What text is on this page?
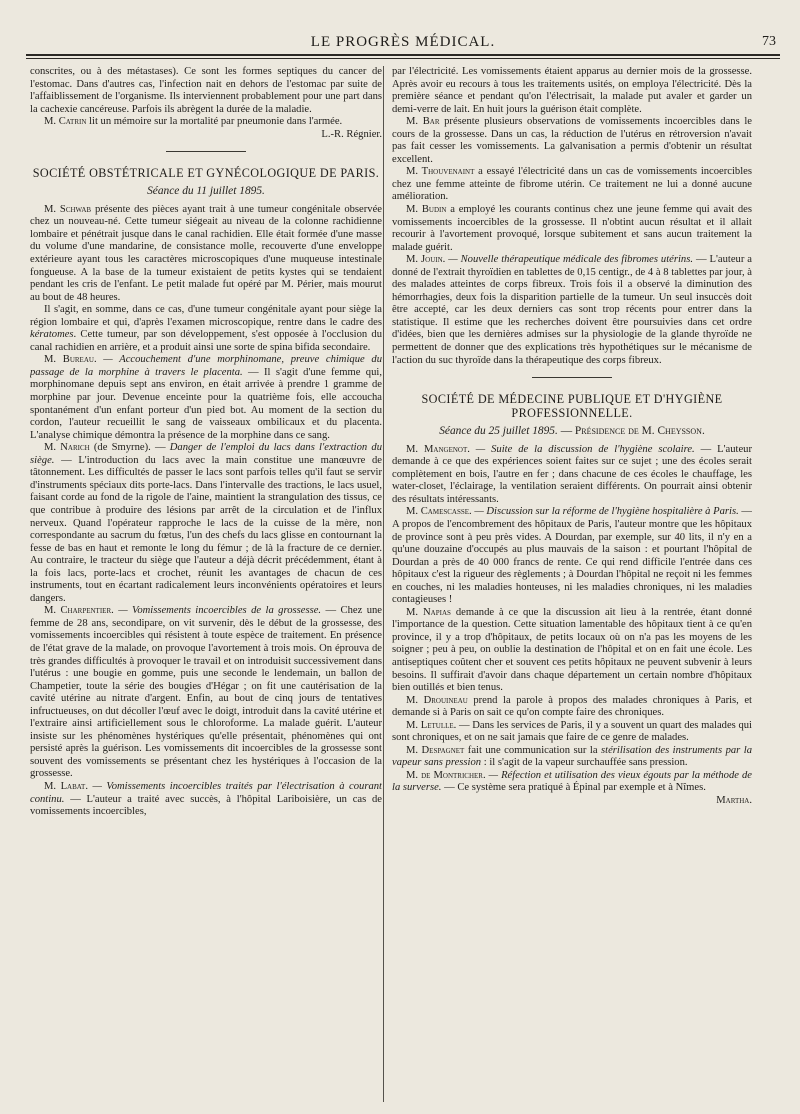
LE PROGRÈS MÉDICAL.	73

conscrites, ou à des métastases). Ce sont les formes septiques du cancer de l'estomac. Dans d'autres cas, l'infection nait en dehors de l'estomac par suite de l'affaiblissement de l'organisme. Ils interviennent probablement pour une part dans la cachexie cancéreuse. Parfois ils abrègent la durée de la maladie.

M. Catrin lit un mémoire sur la mortalité par pneumonie dans l'armée.
L.-R. Régnier.

SOCIÉTÉ OBSTÉTRICALE ET GYNÉCOLOGIQUE DE PARIS.
Séance du 11 juillet 1895.

M. Schwab présente des pièces ayant trait à une tumeur congénitale observée chez un nouveau-né. Cette tumeur siégeait au niveau de la colonne rachidienne lombaire et pénétrait jusque dans le canal rachidien. Elle était formée d'une masse du volume d'une mandarine, de consistance molle, recouverte d'une enveloppe extérieure ayant tous les caractères microscopiques d'une muqueuse intestinale fongueuse. A la base de la tumeur existaient de petits kystes qui se tendaient pendant les cris de l'enfant. Le petit malade fut opéré par M. Périer, mais mourut au bout de 48 heures.

Il s'agit, en somme, dans ce cas, d'une tumeur congénitale ayant pour siège la région lombaire et qui, d'après l'examen microscopique, rentre dans le cadre des kératomes. Cette tumeur, par son développement, s'est opposée à l'occlusion du canal rachidien en arrière, et a produit ainsi une sorte de spina bifida secondaire.

M. Bureau. — Accouchement d'une morphinomane, preuve chimique du passage de la morphine à travers le placenta. — Il s'agit d'une femme qui, morphinomane depuis sept ans environ, en était arrivée à prendre 1 gramme de morphine par jour. Devenue enceinte pour la quatrième fois, elle accoucha spontanément d'un enfant porteur d'un pied bot. Au moment de la section du cordon, l'auteur recueillit le sang de vaisseaux ombilicaux et du placenta. L'analyse chimique démontra la présence de la morphine dans ce sang.

M. Narich (de Smyrne). — Danger de l'emploi du lacs dans l'extraction du siège. — L'introduction du lacs avec la main constitue une manœuvre de tâtonnement. Les difficultés de passer le lacs sont parfois telles qu'il faut se servir d'instruments spéciaux dits porte-lacs. Dans l'intervalle des tractions, le lacs usuel, faisant corde au fond de la rigole de l'aine, maintient la strangulation des tissus, ce que contribue à produire des lésions par arrêt de la circulation et de l'influx nerveux. Quand l'opérateur rapproche le lacs de la cuisse de la mère, non correspondante au sacrum du fœtus, l'un des chefs du lacs glisse en contournant la fesse de bas en haut et remonte le long du fémur ; de là la fracture de ce dernier. Au contraire, le tracteur du siège que l'auteur a déjà décrit précédemment, étant à la fois lacs, porte-lacs et crochet, réunit les avantages de chacun de ces instruments, tout en écartant radicalement leurs inconvénients opératoires et leurs dangers.

M. Charpentier. — Vomissements incoercibles de la grossesse. — Chez une femme de 28 ans, secondipare, on vit survenir, dès le début de la grossesse, des vomissements incoercibles qui résistent à toute espèce de traitement. En présence de l'état grave de la malade, on provoque l'avortement à trois mois. On éprouva de très grandes difficultés à provoquer le travail et on introduisit successivement dans l'utérus : une bougie en gomme, puis une seconde le lendemain, un ballon de Champetier, toute la série des bougies d'Hégar ; on fit une cautérisation de la cavité utérine au nitrate d'argent. Enfin, au bout de cinq jours de tentatives infructueuses, on dut décoller l'œuf avec le doigt, introduit dans la cavité utérine et l'extraire ainsi artificiellement sous le chloroforme. La malade guérit. L'auteur insiste sur les phénomènes hystériques qu'elle présentait, phénomènes qui ont persisté après la guérison. Les vomissements dit incoercibles de la grossesse sont souvent des vomissements se présentant chez les hystériques à l'occasion de la grossesse.

M. Labat. — Vomissements incoercibles traités par l'électrisation à courant continu. — L'auteur a traité avec succès, à l'hôpital Lariboisière, un cas de vomissements incoercibles,

par l'électricité. Les vomissements étaient apparus au dernier mois de la grossesse. Après avoir eu recours à tous les traitements usités, on employa l'électricité. Dès la première séance et pendant qu'on l'électrisait, la malade put avaler et garder un demi-verre de lait. En huit jours la guérison était complète.

M. Bar présente plusieurs observations de vomissements incoercibles dans le cours de la grossesse. Dans un cas, la réduction de l'utérus en rétroversion n'avait pas fait cesser les vomissements. La galvanisation a permis d'obtenir un résultat excellent.

M. Thouvenaint a essayé l'électricité dans un cas de vomissements incoercibles chez une femme atteinte de fibrome utérin. Ce traitement ne lui a donné aucune amélioration.

M. Budin a employé les courants continus chez une jeune femme qui avait des vomissements incoercibles de la grossesse. Il n'obtint aucun résultat et il allait recourir à l'avortement provoqué, lorsque subitement et sans aucun traitement la malade guérit.

M. Jouin. — Nouvelle thérapeutique médicale des fibromes utérins. — L'auteur a donné de l'extrait thyroïdien en tablettes de 0,15 centigr., de 4 à 8 tablettes par jour, à des malades atteintes de corps fibreux. Trois fois il a observé la diminution des hémorrhagies, deux fois la disparition partielle de la tumeur. Un seul insuccès doit être accepté, car les deux derniers cas sont trop récents pour entrer dans la statistique. Il estime que les recherches doivent être poursuivies dans cet ordre d'idées, bien que les dernières admises sur la physiologie de la glande thyroïde ne permettent de donner que des explications très hypothétiques sur le mécanisme de l'action du suc thyroïde dans la thérapeutique des corps fibreux.

SOCIÉTÉ DE MÉDECINE PUBLIQUE ET D'HYGIÈNE PROFESSIONNELLE.
Séance du 25 juillet 1895. — Présidence de M. Cheysson.

M. Mangenot. — Suite de la discussion de l'hygiène scolaire. — L'auteur demande à ce que des expériences soient faites sur ce sujet ; une des écoles serait complètement en bois, l'autre en fer ; dans chacune de ces écoles le chauffage, les water-closet, l'éclairage, la ventilation seraient différents. On pourrait ainsi obtenir des résultats intéressants.

M. Camescasse. — Discussion sur la réforme de l'hygiène hospitalière à Paris. — A propos de l'encombrement des hôpitaux de Paris, l'auteur montre que les hôpitaux de province sont à peu près vides. A Dourdan, par exemple, sur 40 lits, il n'y en a qu'une douzaine d'occupés au plus mauvais de la saison : et pourtant l'hôpital de Dourdan a près de 40 000 francs de rente. Ce qui rend difficile l'entrée dans ces hôpitaux c'est la rigueur des règlements ; à Dourdan l'hôpital ne reçoit ni les femmes en couches, ni les maladies honteuses, ni les maladies chroniques, ni les maladies contagieuses !

M. Napias demande à ce que la discussion ait lieu à la rentrée, étant donné l'importance de la question. Cette situation lamentable des hôpitaux tient à ce qu'en province, il y a trop d'hôpitaux, de petits locaux où on n'a pas les moyens de les soigner ; peu à peu, on oublie la destination de l'hôpital et on en fait une école. Les antiseptiques coûtent cher et souvent ces petits hôpitaux ne peuvent subvenir à leurs besoins. Il suffirait d'avoir dans chaque département un certain nombre d'hôpitaux bien outillés et bien tenus.

M. Drouineau prend la parole à propos des malades chroniques à Paris, et demande si à Paris on sait ce qu'on compte faire des chroniques.

M. Letulle. — Dans les services de Paris, il y a souvent un quart des malades qui sont chroniques, et on ne sait jamais que faire de ce genre de malades.

M. Despagnet fait une communication sur la stérilisation des instruments par la vapeur sans pression : il s'agit de la vapeur surchauffée sans pression.

M. de Montricher. — Réfection et utilisation des vieux égouts par la méthode de la surverse. — Ce système sera pratiqué à Épinal par exemple et à Nîmes.
Martha.
